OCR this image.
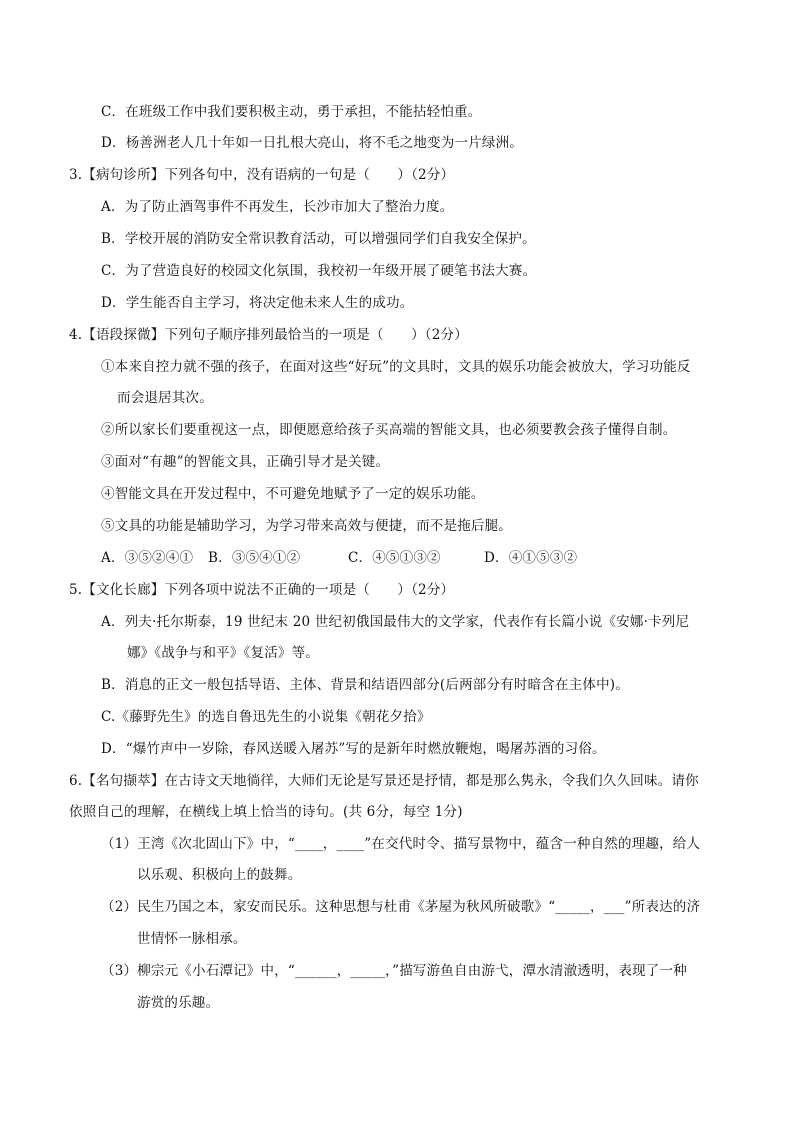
C．在班级工作中我们要积极主动，勇于承担，不能拈轻怕重。
D．杨善洲老人几十年如一日扎根大亮山，将不毛之地变为一片绿洲。
3.【病句诊所】下列各句中，没有语病的一句是（　　）（2分）
A．为了防止酒驾事件不再发生，长沙市加大了整治力度。
B．学校开展的消防安全常识教育活动，可以增强同学们自我安全保护。
C．为了营造良好的校园文化氛围，我校初一年级开展了硬笔书法大赛。
D．学生能否自主学习，将决定他未来人生的成功。
4.【语段探微】下列句子顺序排列最恰当的一项是（　　）（2分）
①本来自控力就不强的孩子，在面对这些“好玩”的文具时，文具的娱乐功能会被放大，学习功能反
而会退居其次。
②所以家长们要重视这一点，即便愿意给孩子买高端的智能文具，也必须要教会孩子懂得自制。
③面对“有趣”的智能文具，正确引导才是关键。
④智能文具在开发过程中，不可避免地赋予了一定的娱乐功能。
⑤文具的功能是辅助学习，为学习带来高效与便捷，而不是拖后腿。
A．③⑤②④① B．③⑤④①②	C．④⑤①③②	D．④①⑤③②
5.【文化长廊】下列各项中说法不正确的一项是（　　）（2分）
A．列夫·托尔斯泰，19 世纪末 20 世纪初俄国最伟大的文学家，代表作有长篇小说《安娜·卡列尼
娜》《战争与和平》《复活》等。
B．消息的正文一般包括导语、主体、背景和结语四部分(后两部分有时暗含在主体中)。
C.《藤野先生》的选自鲁迅先生的小说集《朝花夕拾》
D．“爆竹声中一岁除，春风送暖入屠苏”写的是新年时燃放鞭炮，喝屠苏酒的习俗。
6.【名句撷萃】在古诗文天地徜徉，大师们无论是写景还是抒情，都是那么隽永，令我们久久回味。请你
依照自己的理解，在横线上填上恰当的诗句。(共 6分，每空 1分)
（1）王湾《次北固山下》中，“____，____”在交代时令、描写景物中，蕴含一种自然的理趣，给人
以乐观、积极向上的鼓舞。
（2）民生乃国之本，家安而民乐。这种思想与杜甫《茅屋为秋风所破歌》“_____，___”所表达的济
世情怀一脉相承。
（3）柳宗元《小石潭记》中，“______，_____，”描写游鱼自由游弋，潭水清澈透明，表现了一种
游赏的乐趣。
